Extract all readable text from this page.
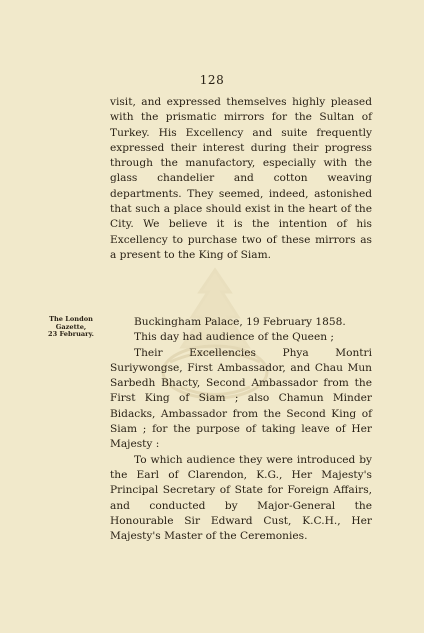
128

visit, and expressed themselves highly pleased with the prismatic mirrors for the Sultan of Turkey. His Excellency and suite frequently expressed their interest during their progress through the manufactory, especially with the glass chandelier and cotton weaving departments. They seemed, indeed, astonished that such a place should exist in the heart of the City. We believe it is the intention of his Excellency to purchase two of these mirrors as a present to the King of Siam.

The London
Gazette,
23 February.

Buckingham Palace, 19 February 1858.

This day had audience of the Queen ;

Their Excellencies Phya Montri Suriywongse, First Ambassador, and Chau Mun Sarbedh Bhacty, Second Ambassador from the First King of Siam ; also Chamun Minder Bidacks, Ambassador from the Second King of Siam ; for the purpose of taking leave of Her Majesty :

To which audience they were introduced by the Earl of Clarendon, K.G., Her Majesty's Principal Secretary of State for Foreign Affairs, and conducted by Major-General the Honourable Sir Edward Cust, K.C.H., Her Majesty's Master of the Ceremonies.
